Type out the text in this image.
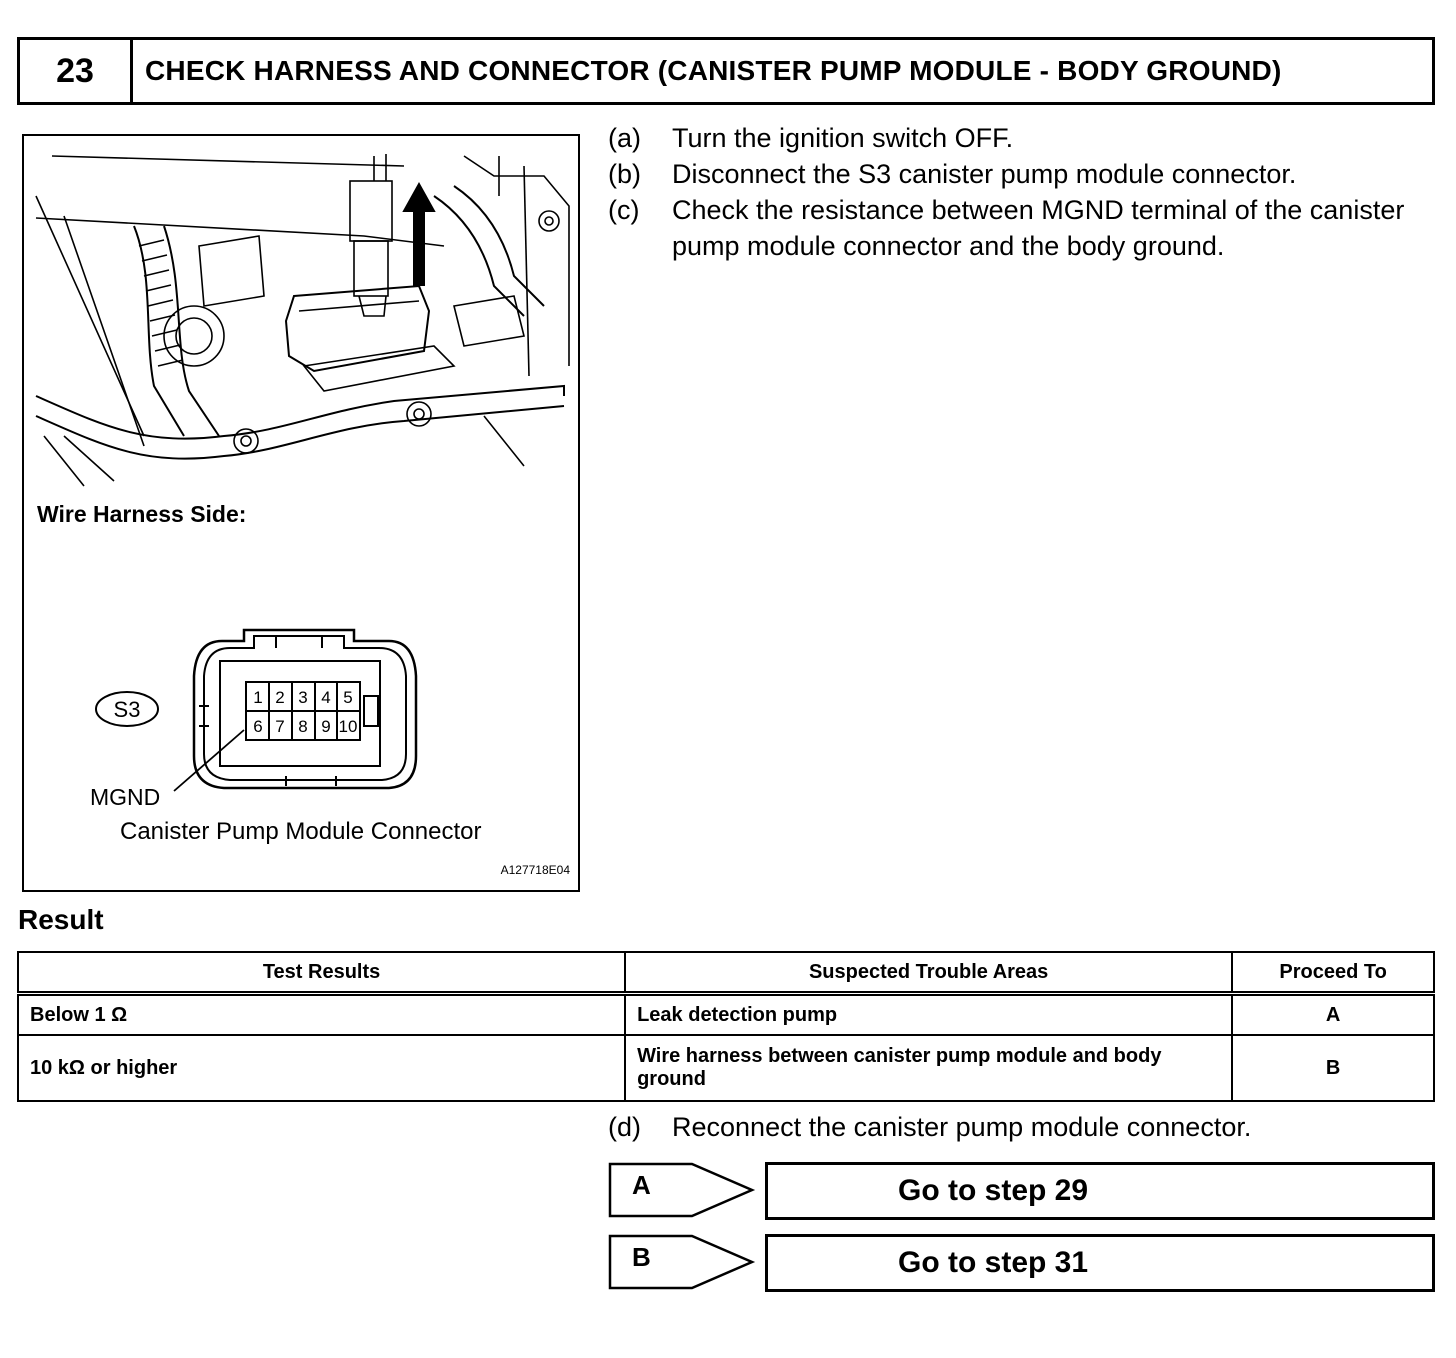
23	CHECK HARNESS AND CONNECTOR (CANISTER PUMP MODULE - BODY GROUND)
1 2 3 4 5
6 7 8 9 10
S3
Wire Harness Side:
MGND
Canister Pump Module Connector
A127718E04
(a)	Turn the ignition switch OFF.
(b)	Disconnect the S3 canister pump module connector.
(c)	Check the resistance between MGND terminal of the canister pump module connector and the body ground.
Result
Test Results	Suspected Trouble Areas	Proceed To
Below 1 Ω	Leak detection pump	A
10 kΩ or higher	Wire harness between canister pump module and body ground	B
(d)	Reconnect the canister pump module connector.
A	Go to step 29
B	Go to step 31
